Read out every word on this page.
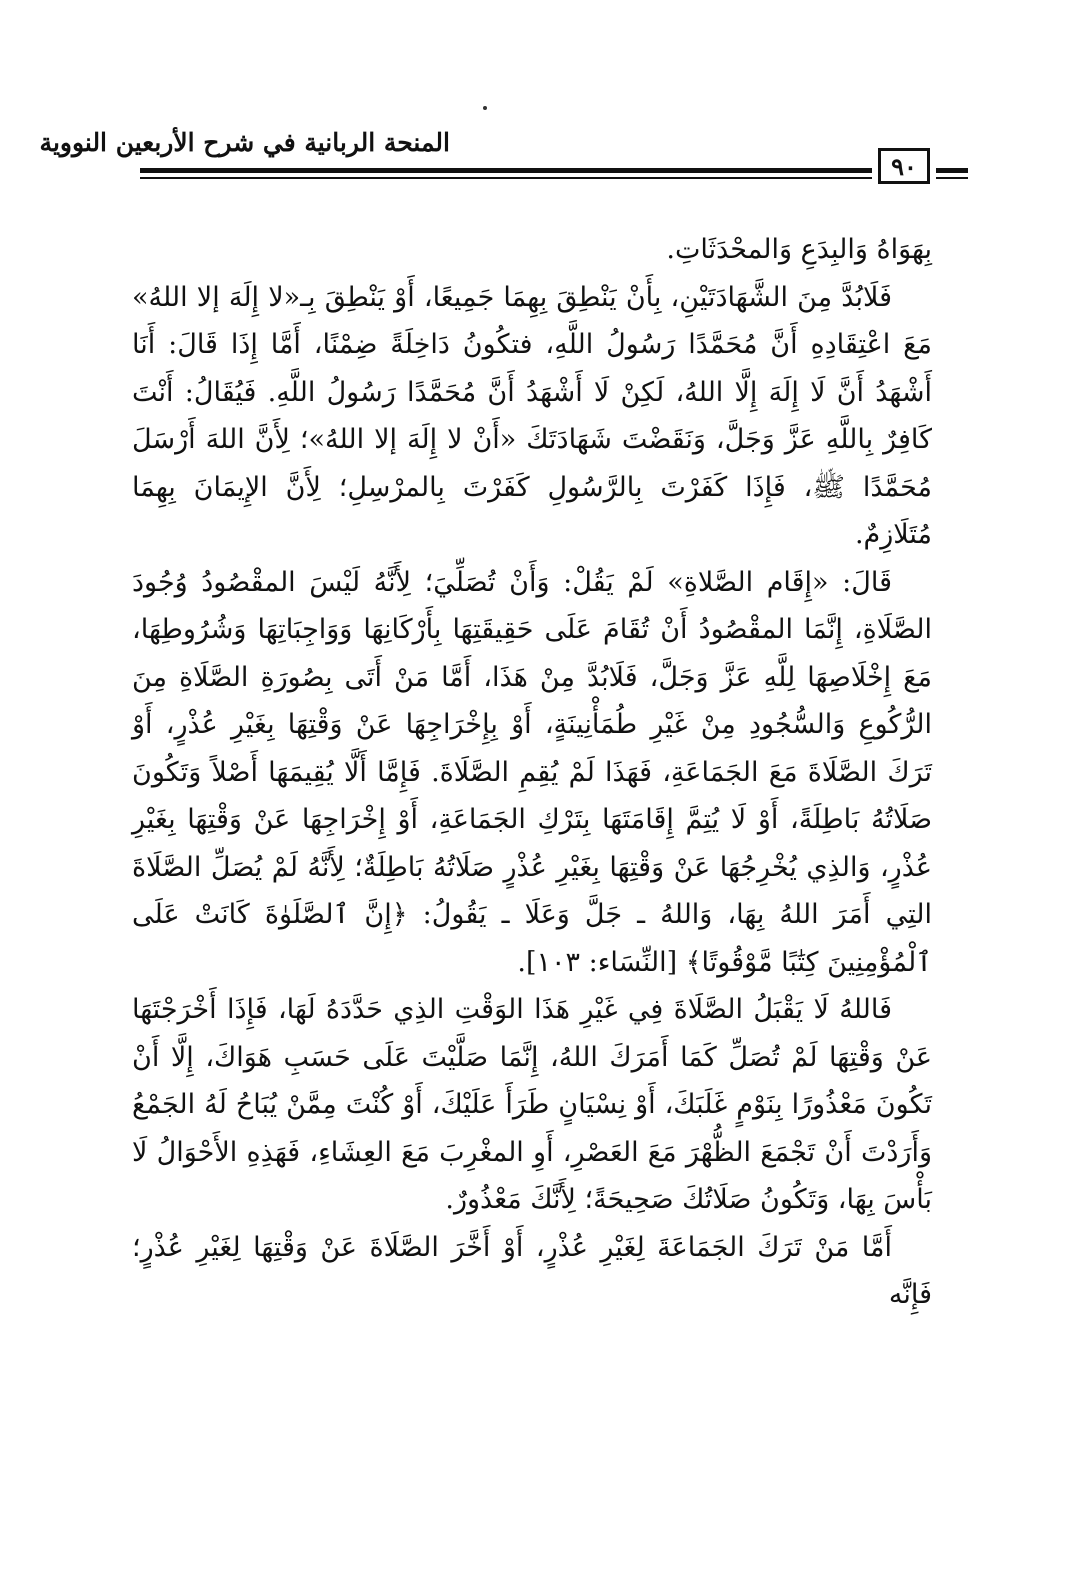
المنحة الربانية في شرح الأربعين النووية
٩٠

بِهَوَاهُ وَالبِدَعِ وَالمحْدَثَاتِ.

فَلَابُدَّ مِنَ الشَّهَادَتَيْنِ، بِأَنْ يَنْطِقَ بِهِمَا جَمِيعًا، أَوْ يَنْطِقَ بِـ«لا إِلَهَ إلا اللهُ» مَعَ اعْتِقَادِهِ أَنَّ مُحَمَّدًا رَسُولُ اللَّهِ، فتكُونُ دَاخِلَةً ضِمْنًا، أَمَّا إِذَا قَالَ: أَنَا أَشْهَدُ أَنَّ لَا إِلَهَ إِلَّا اللهُ، لَكِنْ لَا أَشْهَدُ أَنَّ مُحَمَّدًا رَسُولُ اللَّهِ. فَيُقَالُ: أَنْتَ كَافِرٌ بِاللَّهِ عَزَّ وَجَلَّ، وَنَقَضْتَ شَهَادَتَكَ «أَنْ لا إِلَهَ إلا اللهُ»؛ لِأَنَّ اللهَ أَرْسَلَ مُحَمَّدًا ﷺ، فَإِذَا كَفَرْتَ بِالرَّسُولِ كَفَرْتَ بِالمرْسِلِ؛ لِأَنَّ الإِيمَانَ بِهِمَا مُتَلَازِمٌ.

قَالَ: «إِقَام الصَّلاةِ» لَمْ يَقُلْ: وَأَنْ تُصَلِّيَ؛ لِأَنَّهُ لَيْسَ المقْصُودُ وُجُودَ الصَّلَاةِ، إِنَّمَا المقْصُودُ أَنْ تُقَامَ عَلَى حَقِيقَتِهَا بِأَرْكَانِهَا وَوَاجِبَاتِهَا وَشُرُوطِهَا، مَعَ إِخْلَاصِهَا لِلَّهِ عَزَّ وَجَلَّ، فَلَابُدَّ مِنْ هَذَا، أَمَّا مَنْ أَتَى بِصُورَةِ الصَّلَاةِ مِنَ الرُّكُوعِ وَالسُّجُودِ مِنْ غَيْرِ طُمَأْنِينَةٍ، أَوْ بِإِخْرَاجِهَا عَنْ وَقْتِهَا بِغَيْرِ عُذْرٍ، أَوْ تَرَكَ الصَّلَاةَ مَعَ الجَمَاعَةِ، فَهَذَا لَمْ يُقِمِ الصَّلَاةَ. فَإِمَّا أَلَّا يُقِيمَهَا أَصْلاً وَتَكُونَ صَلَاتُهُ بَاطِلَةً، أَوْ لَا يُتِمَّ إِقَامَتَهَا بِتَرْكِ الجَمَاعَةِ، أَوْ إِخْرَاجِهَا عَنْ وَقْتِهَا بِغَيْرِ عُذْرٍ، وَالذِي يُخْرِجُهَا عَنْ وَقْتِهَا بِغَيْرِ عُذْرٍ صَلَاتُهُ بَاطِلَةٌ؛ لِأَنَّهُ لَمْ يُصَلِّ الصَّلَاةَ التِي أَمَرَ اللهُ بِهَا، وَاللهُ ـ جَلَّ وَعَلَا ـ يَقُولُ: ﴿إِنَّ ٱلصَّلَوٰةَ كَانَتْ عَلَى ٱلْمُؤْمِنِينَ كِتَٰبًا مَّوْقُوتًا﴾ [النِّسَاء: ١٠٣].

فَاللهُ لَا يَقْبَلُ الصَّلَاةَ فِي غَيْرِ هَذَا الوَقْتِ الذِي حَدَّدَهُ لَهَا، فَإِذَا أَخْرَجْتَهَا عَنْ وَقْتِهَا لَمْ تُصَلِّ كَمَا أَمَرَكَ اللهُ، إِنَّمَا صَلَّيْتَ عَلَى حَسَبِ هَوَاكَ، إِلَّا أَنْ تَكُونَ مَعْذُورًا بِنَوْمٍ غَلَبَكَ، أَوْ نِسْيَانٍ طَرَأَ عَلَيْكَ، أَوْ كُنْتَ مِمَّنْ يُبَاحُ لَهُ الجَمْعُ وَأَرَدْتَ أَنْ تَجْمَعَ الظُّهْرَ مَعَ العَصْرِ، أَوِ المغْرِبَ مَعَ العِشَاءِ، فَهَذِهِ الأَحْوَالُ لَا بَأْسَ بِهَا، وَتَكُونُ صَلَاتُكَ صَحِيحَةً؛ لِأَنَّكَ مَعْذُورٌ.

أَمَّا مَنْ تَرَكَ الجَمَاعَةَ لِغَيْرِ عُذْرٍ، أَوْ أَخَّرَ الصَّلَاةَ عَنْ وَقْتِهَا لِغَيْرِ عُذْرٍ؛ فَإِنَّه
